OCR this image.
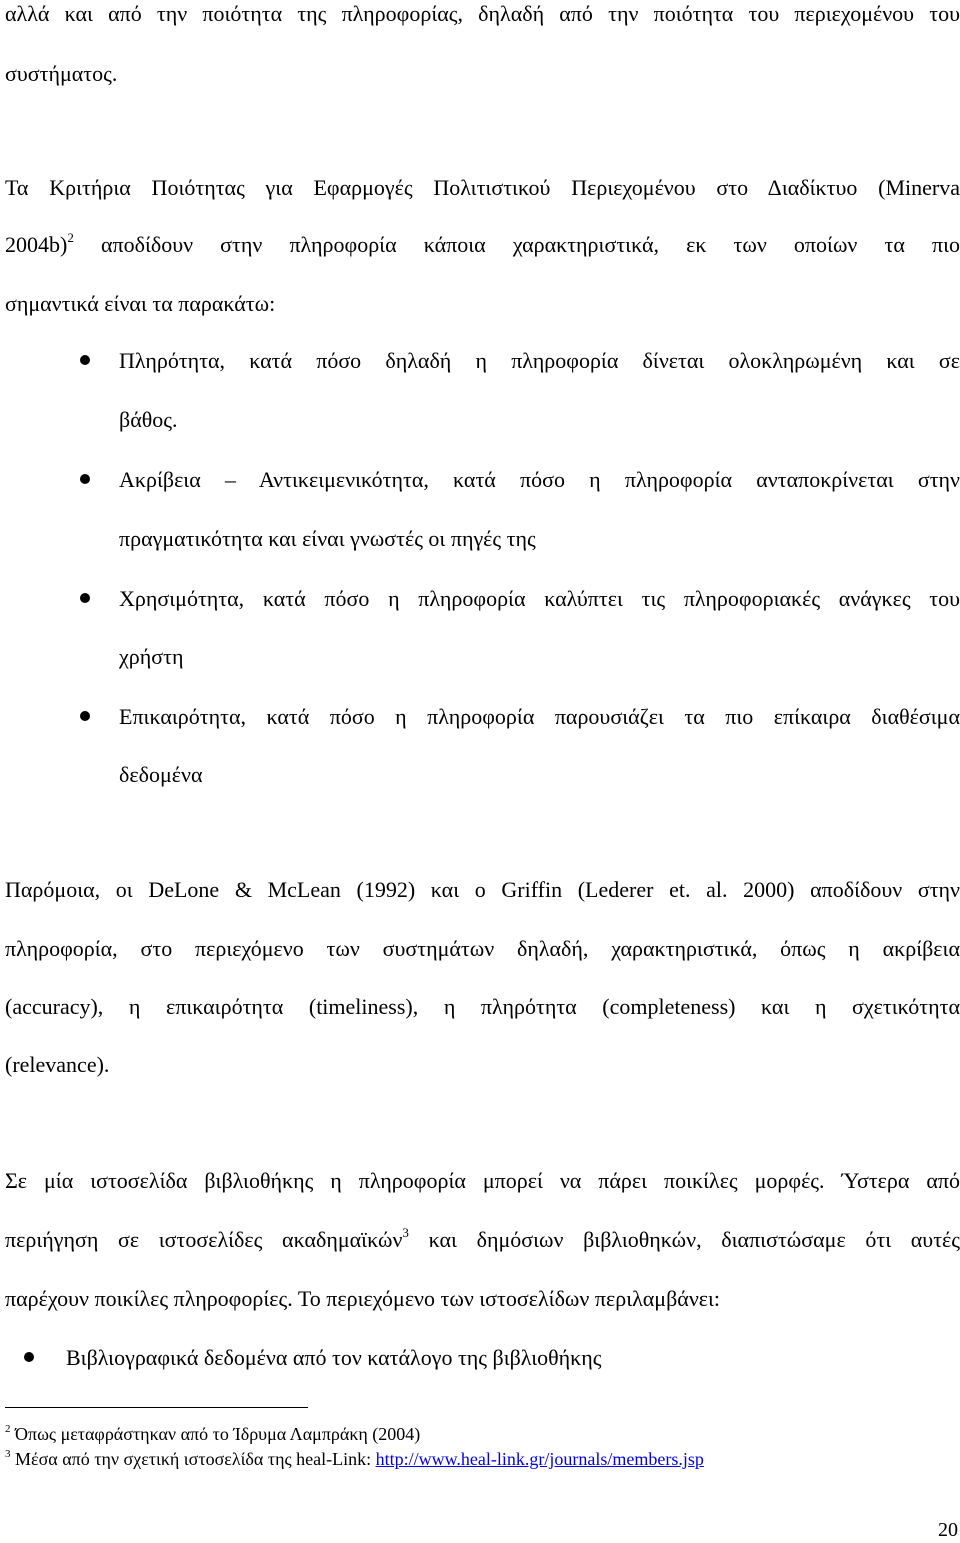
αλλά και από την ποιότητα της πληροφορίας, δηλαδή από την ποιότητα του περιεχομένου του
συστήματος.
Τα Κριτήρια Ποιότητας για Εφαρμογές Πολιτιστικού Περιεχομένου στο Διαδίκτυο (Minerva
2004b)$^2$ αποδίδουν στην πληροφορία κάποια χαρακτηριστικά, εκ των οποίων τα πιο
σημαντικά είναι τα παρακάτω:
Πληρότητα, κατά πόσο δηλαδή η πληροφορία δίνεται ολοκληρωμένη και σε
βάθος.
Ακρίβεια – Αντικειμενικότητα, κατά πόσο η πληροφορία ανταποκρίνεται στην
πραγματικότητα και είναι γνωστές οι πηγές της
Χρησιμότητα, κατά πόσο η πληροφορία καλύπτει τις πληροφοριακές ανάγκες του
χρήστη
Επικαιρότητα, κατά πόσο η πληροφορία παρουσιάζει τα πιο επίκαιρα διαθέσιμα
δεδομένα
Παρόμοια, οι DeLone & McLean (1992) και ο Griffin (Lederer et. al. 2000) αποδίδουν στην
πληροφορία, στο περιεχόμενο των συστημάτων δηλαδή, χαρακτηριστικά, όπως η ακρίβεια
(accuracy), η επικαιρότητα (timeliness), η πληρότητα (completeness) και η σχετικότητα
(relevance).
Σε μία ιστοσελίδα βιβλιοθήκης η πληροφορία μπορεί να πάρει ποικίλες μορφές. Ύστερα από
περιήγηση σε ιστοσελίδες ακαδημαϊκών$^3$ και δημόσιων βιβλιοθηκών, διαπιστώσαμε ότι αυτές
παρέχουν ποικίλες πληροφορίες. Το περιεχόμενο των ιστοσελίδων περιλαμβάνει:
Βιβλιογραφικά δεδομένα από τον κατάλογο της βιβλιοθήκης
$^2$ Όπως μεταφράστηκαν από το Ίδρυμα Λαμπράκη (2004)
$^3$ Μέσα από την σχετική ιστοσελίδα της heal-Link: http://www.heal-link.gr/journals/members.jsp
20
